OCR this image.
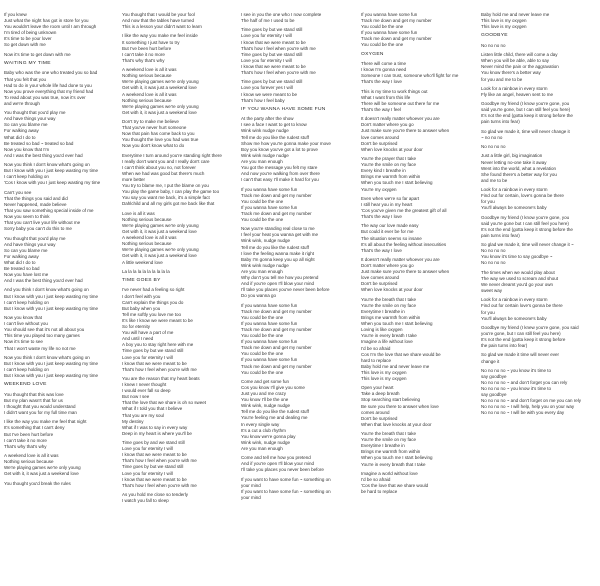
If you knew
Just what the night has got in store for you
You wouldn't leave the room until I am through
I'm tired of being unknown
It's time to be your lover
So get down with me
Now it's time to get down with me
WAITING MY TIME
Baby who was the one who treated you so bad
That you felt that you
Had to do in your whole life had done to you
Now you prove everything that my friend had
To read about you was true, now it's over
and we're through
You thought that you'd play me
And have things your way
So can you blame me
For walking away
What did I do to
Be treated so bad ~ treated so bad
Now you know that I'm
And I was the best thing you'd ever had
Now you think I don't know what's going on
But I know with you I just keep wasting my time
I can't keep holding on
'Cos I know with you I just keep wasting my time
Can't you see
That the things you said and did
Never happened, made believe
That you saw something special inside of me
Now you seem to think
That you can't live your life without me
Sorry baby you can't do this to me
You thought that you'd play me
And have things your way
So can you blame me
For walking away
What did I do to
Be treated so bad
Now you have lost me
And I was the best thing you'd ever had
And you think I don't know what's going on
But I know with you I just keep wasting my time
I can't keep holding on
But I know with you I just keep wasting my time
Now you know that
I can't live without you
You should see that it's not all about you
This time you played too many games
Now it's time to see
That I won't waste my life no not me
Now you think I don't know what's going on
But I know with you I just keep wasting my time
I can't keep holding on
But I know with you I just keep wasting my time
WEEKEND LOVE
You thought that this was love
But my plan wasn't that for us
I thought that you would understand
I didn't want you for my full time man
I like the way you make me feel that night
It's something that I can't deny
But I've been hurt before
I can't take it no more
That's why that's why
A weekend love is all it was
Nothing serious because
We're playing games we're only young
Get with it, it was just a weekend love
You thought you'd break the rules
You thought that I would be your fool
And now that the tables have turned
This is a lesson your didn't want to learn
I like the way you make me feel inside
It something I just have to try
But I've been hurt before
I can't take it no more
That's why that's why
A weekend love is all it was
Nothing serious because
We're playing games we're only young
Get with it, it was just a weekend love
A weekend love is all it was
Nothing serious because
We're playing games we're only young
Get with it, it was just a weekend love
Don't try to make me believe
That you've never hurt someone
Now that pain has come back to you
You thought the love you had was true
Now you don't know what to do
Everytime I turn around you're standing right there
I really don't want you and I really don't care
I can't think about you no, not forever
When we had was good but there's much
more better
You try to blame me, I put the blame on you
You play the game baby, I can play the game too
You say you want me back, it's a simple fact
Dahlchild and all my girls got me back like that
Love is all it was
Nothing serious because
We're playing games we're only young
Get with it, it was just a weekend love
A weekend love is all it was
Nothing serious because
We're playing games we're only young
Get with it, it was just a weekend love
A little weekend love
La la la la la la la la la la
TIME GOES BY
I've never had a feeling so right
I don't feel with you
Can't explain the things you do
But baby when you
Tell me softly you love me too
It's like I know we were meant to be
So for eternity
You will have a part of me
And until I need
A boy you to stay right here with me
Time goes by but we stand still
Love you for eternity I will
I know that we were meant to be
That's how I feel when you're with me
You are the reason that my heart beats
I knew I never thought
I would ever fall so deep
But now I see
That the love that we share is oh so sweet
What if I told you that I believe
That you are my soul
My destiny
What if I was to say in every way
Deep in my heart is where you'll be
Time goes by and we stand still
Love you for eternity I will
I know that we were meant to be
That's how I feel when you're with me
Time goes by but we stand still
Love you for eternity I will
I know that we were meant to be
That's how I feel when you're with me
As you hold me close so tenderly
I watch you fall to sleep
I see in you the one who I now complete
The half of me I used to be
Time goes by but we stand still
Love you for eternity I will
I know that we were meant to be
That's how I feel when you're with me
Time goes by but we stand still
Love you for eternity I will
I know that we were meant to be
That's how I feel when you're with me
Time goes by but we stand still
Love you forever yes I will
I know we were meant to be
That's how I feel baby
IF YOU WANNA HAVE SOME FUN
At the party after the show
I see a face I want to get to know
Wink wink nudge nudge
Tell me do you like the rudest stuff
Show me how you're gonna make your move
Boy you know you've got a lot to prove
Wink wink nudge nudge
Are you man enough
You got the message you felt my stare
And now you're walking from over there
I can't that easy I'll make it hard for you
If you wanna have some fun
Track me down and get my number
You could be the one
If you wanna have some fun
Track me down and get my number
You could be the one
Now you're standing real close to me
I feel your heat you wanna get with me
Wink wink, nudge nudge
Tell me do you like the rudest stuff
I love the feeling wanna make it right
Baby I'm gonna keep you up all night
Wink wink nudge nudge
Are you man enough
Why don't you tell me how you pretend
And if you're open I'll blow your mind
I'll take you places you've never been before
Do you wanna go
If you wanna have some fun
Track me down and get my number
You could be the one
If you wanna have some fun
Track me down and get my number
You could be the one
If you wanna have some fun
Track me down and get my number
You could be the one
If you wanna have some fun
Track me down and get my number
You could be the one
Come and get some fun
Cos you know I'll give you some
Just you and me crazy
You know I'll be the one
Wink wink, nudge nudge
Tell me do you like the rudest stuff
You're feeling me and dealing me
In every single way
It's a cut a club rhythm
You know we're gonna play
Wink wink, nudge nudge
Are you man enough
Come and tell me how you pretend
And if you're open I'll blow your mind
I'll take you places you never been before
If you want to have some fun ~ something on
your mind
If you want to have some fun ~ something on
your mind
If you wanna have some fun
Track me down and get my number
You could be the one
If you wanna have some fun
Track me down and get my number
You could be the one
OXYGEN
There will come a time
I know I'm gonna need
Someone I can trust, someone who'll fight for me
That's the way I love
This is my time to work things out
What I want from this life
There will be someone out there for me
That's the way I feel
It doesn't really matter whoever you are
Don't matter where you go
Just make sure you're there to answer when
love comes around
Don't be surprised
When love knocks at your door
You're the prayer that I take
You're the smile on my face
Every kind I breathe in
Brings me warmth from within
When you touch me I start believing
You're my oxygen
Even when we're so far apart
I still hear you in my heart
'Cos you've given me the greatest gift of all
That's the way I love
The way our love made easy
But could it ever be for me
The situation seems so insane
It's all about the feeling without insecurities
That's the way I love
It doesn't really matter whoever you are
Don't matter where you go
Just make sure you're there to answer when
love comes around
Don't be surprised
When love knocks at your door
You're the breath that I take
You're the smile on my face
Everytime I breathe in
Brings me warmth from within
When you touch me I start believing
Loving is like oxygen
You're in every breath I take
Imagine a life without love
I'd be so afraid
Cos I'm the love that we share would be
hard to replace
Baby hold me and never leave me
This love is my oxygen
This love is my oxygen
Open your heart
Take a deep breath
Stop searching start believing
Be sure you there to answer when love
comes around
Don't be surprised
When that love knocks at your door
You're the breath that I take
You're the smile on my face
Everytime I breathe in
Brings me warmth from within
When you touch me I start believing
You're in every breath that I take
Imagine a world without love
I'd be so afraid
'Cos the love that we share would
be hard to replace
Baby hold me and never leave me
This love is my oxygen
This love is my oxygen
GOODBYE
No no no no
Listen little child, there will come a day
When you will be able, able to say
Never mind the pain or the aggravation
You know there's a better way
for you and me to be
Look for a rainbow in every storm
Fly like an angel, heaven sent to me
Goodbye my friend (I know you're gone, you
said you're gone, but I can still feel you here)
It's not the end (gotta keep it strong before the
pain turns into fear)
So glad we made it, time will never change it
~ no no no
No no no no
Just a little girl, big imagination
Never letting no-one take it away
Went into the world, what a revelation
She found there's a better way for you
and me to be
Look for a rainbow in every storm
Find out for certain, love's gonna be there
for you
You'll always be someone's baby
Goodbye my friend (I know you're gone, you
said you're gone but I can still feel you here)
It's not the end (gotta keep it strong before the
pain turns into fear)
So glad we made it, time will never change it ~
No no no no
You know it's time to say goodbye ~
No no no no
The times when we would play about
The way we used to scream and shout
We never dreamt you'd go your own
sweet way
Look for a rainbow in every storm
Find out for certain love's gonna be there
for you
You'll always be someone's baby
Goodbye my friend (I knew you're gone, you said
you're gone, but I can still feel you here)
It's not the end (gotta keep it strong before
the pain turns into fear)
So glad we made it time will never ever
change it
No no no no ~ you know it's time to
say goodbye
No no no no ~ and don't forget you can rely
No no no no ~ you know it's time to
say goodbye
No no no no ~ and don't forget on me you can rely
No no no no ~ I will help, help you on your way
No no no no ~ I will be with you every day
